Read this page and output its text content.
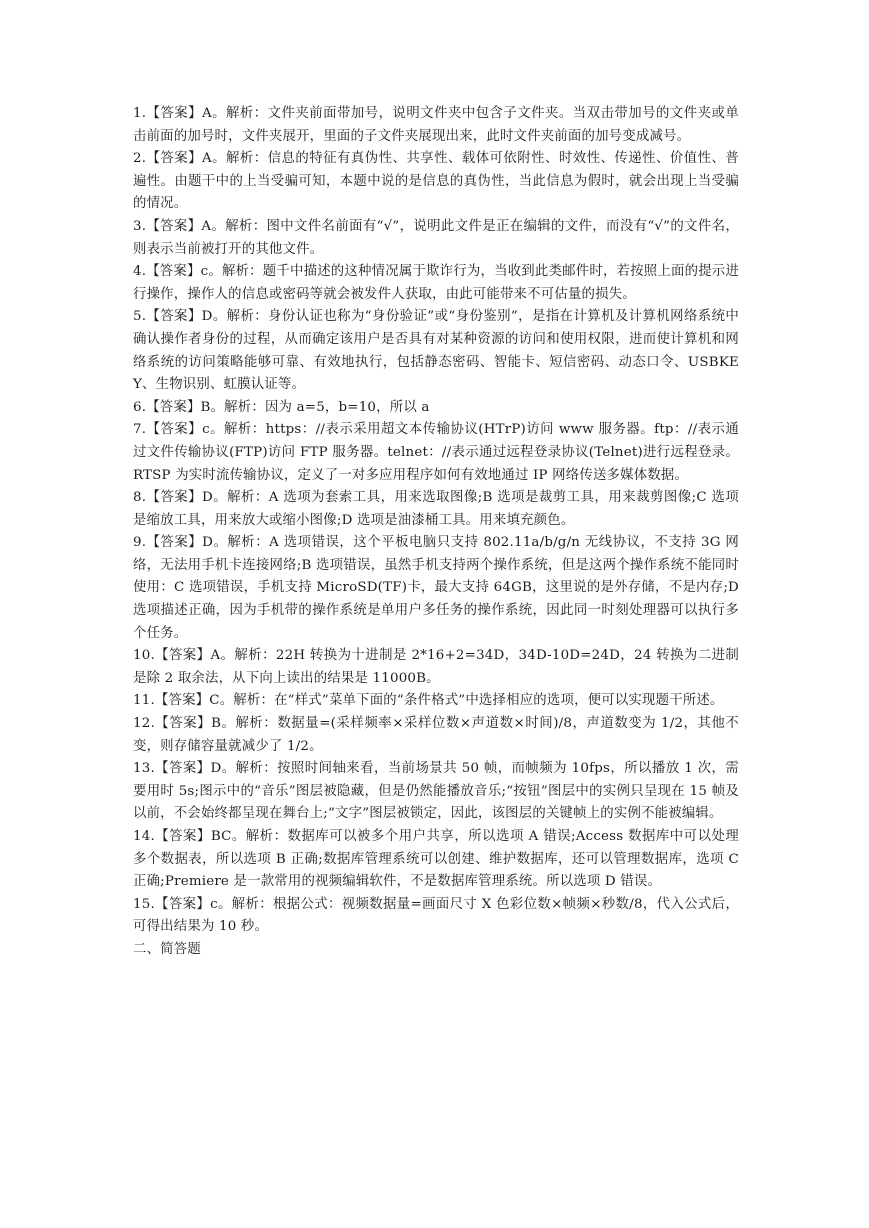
1.【答案】A。解析：文件夹前面带加号，说明文件夹中包含子文件夹。当双击带加号的文件夹或单击前面的加号时，文件夹展开，里面的子文件夹展现出来，此时文件夹前面的加号变成减号。

2.【答案】A。解析：信息的特征有真伪性、共享性、载体可依附性、时效性、传递性、价值性、普遍性。由题干中的上当受骗可知，本题中说的是信息的真伪性，当此信息为假时，就会出现上当受骗的情况。

3.【答案】A。解析：图中文件名前面有“√”，说明此文件是正在编辑的文件，而没有“√”的文件名，则表示当前被打开的其他文件。

4.【答案】c。解析：题千中描述的这种情况属于欺诈行为，当收到此类邮件时，若按照上面的提示进行操作，操作人的信息或密码等就会被发件人获取，由此可能带来不可估量的损失。

5.【答案】D。解析：身份认证也称为“身份验证”或“身份鉴别”，是指在计算机及计算机网络系统中确认操作者身份的过程，从而确定该用户是否具有对某种资源的访问和使用权限，进而使计算机和网络系统的访问策略能够可靠、有效地执行，包括静态密码、智能卡、短信密码、动态口令、USBKEY、生物识别、虹膜认证等。

6.【答案】B。解析：因为 a=5，b=10，所以 a

7.【答案】c。解析：https：//表示采用超文本传输协议(HTrP)访问 www 服务器。ftp：//表示通过文件传输协议(FTP)访问 FTP 服务器。telnet：//表示通过远程登录协议(Telnet)进行远程登录。RTSP 为实时流传输协议，定义了一对多应用程序如何有效地通过 IP 网络传送多媒体数据。

8.【答案】D。解析：A 选项为套索工具，用来选取图像;B 选项是裁剪工具，用来裁剪图像;C 选项是缩放工具，用来放大或缩小图像;D 选项是油漆桶工具。用来填充颜色。

9.【答案】D。解析：A 选项错误，这个平板电脑只支持 802.11a/b/g/n 无线协议，不支持 3G 网络，无法用手机卡连接网络;B 选项错误，虽然手机支持两个操作系统，但是这两个操作系统不能同时使用：C 选项错误，手机支持 MicroSD(TF)卡，最大支持 64GB，这里说的是外存储，不是内存;D 选项描述正确，因为手机带的操作系统是单用户多任务的操作系统，因此同一时刻处理器可以执行多个任务。

10.【答案】A。解析：22H 转换为十进制是 2*16+2=34D，34D-10D=24D，24 转换为二进制是除 2 取余法，从下向上读出的结果是 11000B。

11.【答案】C。解析：在“样式”菜单下面的“条件格式”中选择相应的选项，便可以实现题干所述。

12.【答案】B。解析：数据量=(采样频率×采样位数×声道数×时间)/8，声道数变为 1/2，其他不变，则存储容量就减少了 1/2。

13.【答案】D。解析：按照时间轴来看，当前场景共 50 帧，而帧频为 10fps，所以播放 1 次，需要用时 5s;图示中的“音乐”图层被隐藏，但是仍然能播放音乐;“按钮”图层中的实例只呈现在 15 帧及以前，不会始终都呈现在舞台上;“文字”图层被锁定，因此，该图层的关键帧上的实例不能被编辑。

14.【答案】BC。解析：数据库可以被多个用户共享，所以选项 A 错误;Access 数据库中可以处理多个数据表，所以选项 B 正确;数据库管理系统可以创建、维护数据库，还可以管理数据库，选项 C 正确;Premiere 是一款常用的视频编辑软件，不是数据库管理系统。所以选项 D 错误。

15.【答案】c。解析：根据公式：视频数据量=画面尺寸 X 色彩位数×帧频×秒数/8，代入公式后，可得出结果为 10 秒。

二、简答题
